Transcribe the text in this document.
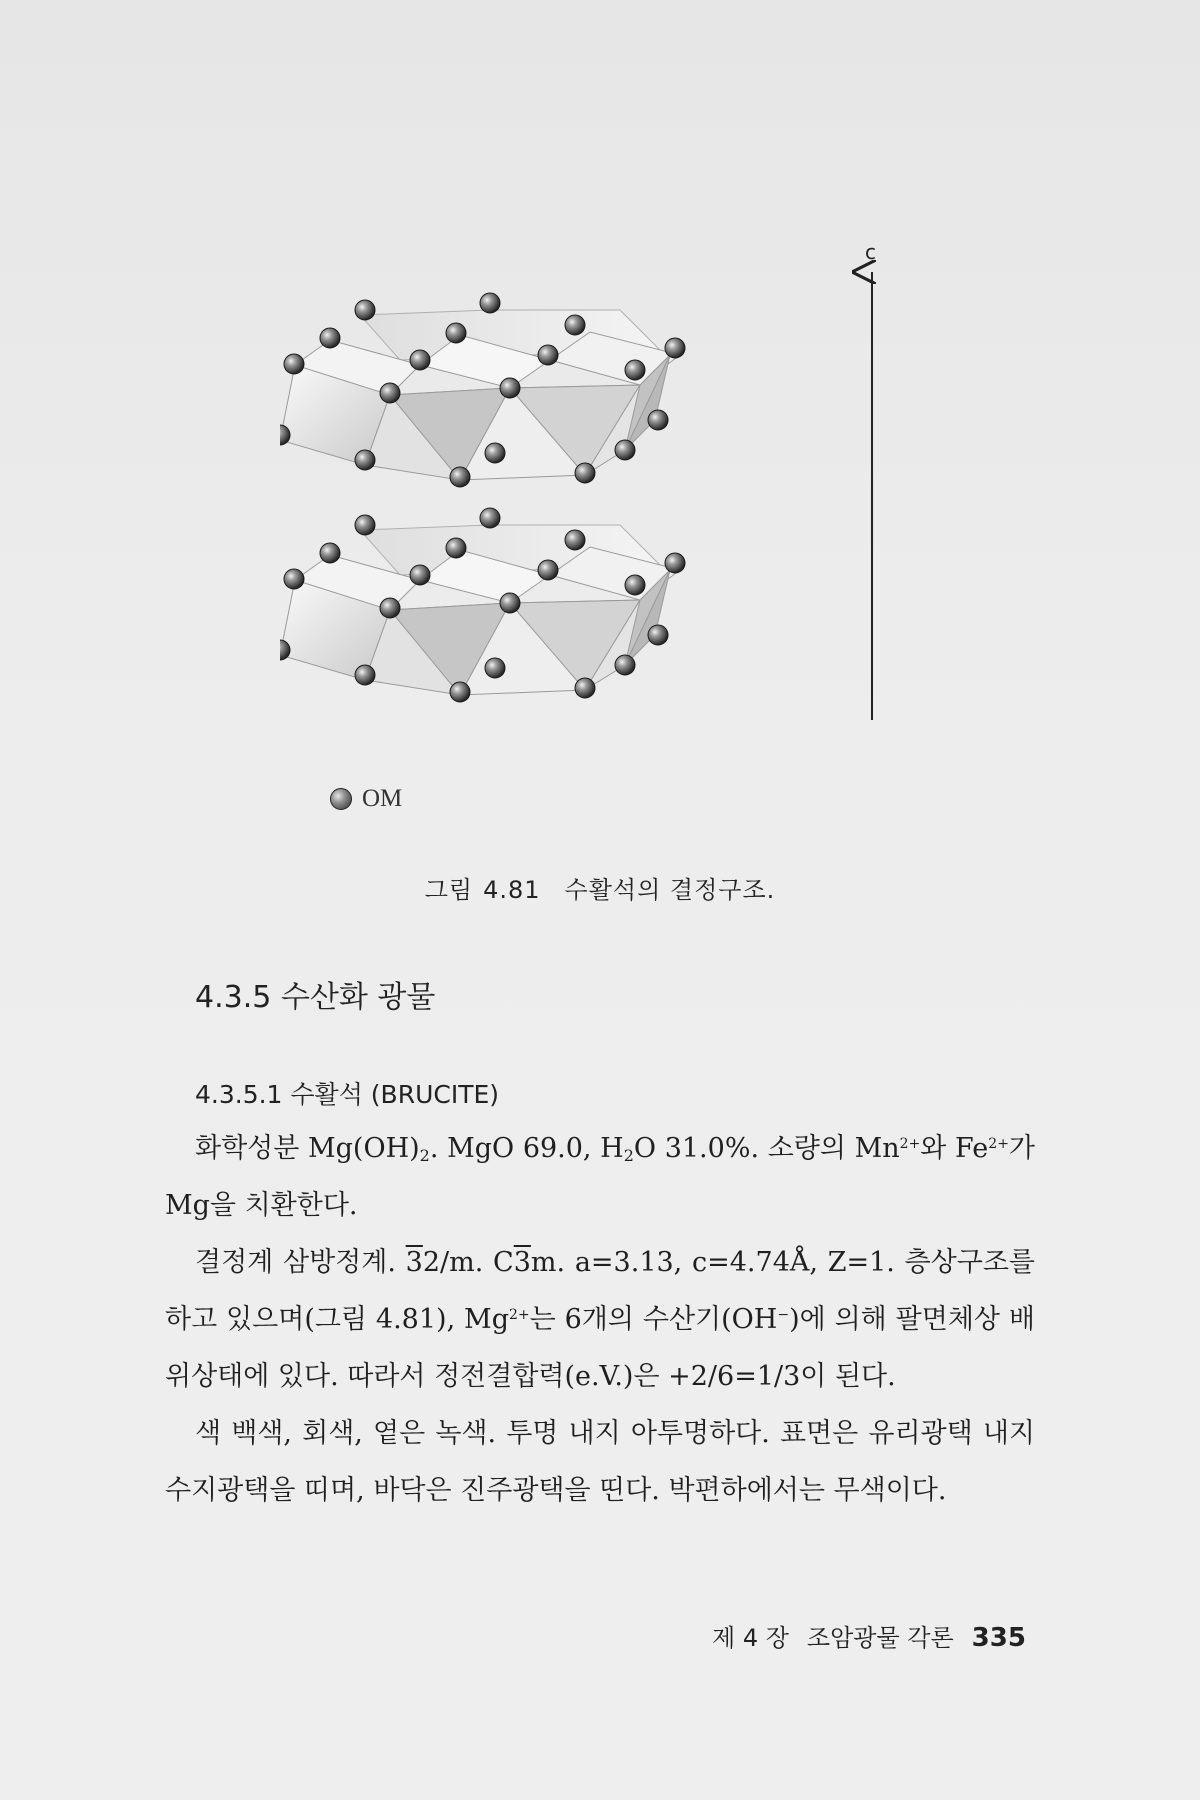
c
OM
그림 4.81 수활석의 결정구조.
4.3.5 수산화 광물
4.3.5.1 수활석 (BRUCITE)

화학성분 $Mg(OH)_2$. MgO 69.0, $H_2O$ 31.0%. 소량의 $Mn^{2+}$와 $Fe^{2+}$가 Mg을 치환한다.

결정계 삼방정계. 32/m. C3m. a=3.13, c=4.74Å, Z=1. 층상구조를 하고 있으며(그림 4.81), $Mg^{2+}$는 6개의 수산기(OH−)에 의해 팔면체상 배위상태에 있다. 따라서 정전결합력(e.V.)은 +2/6=1/3이 된다.

색 백색, 회색, 옅은 녹색. 투명 내지 아투명하다. 표면은 유리광택 내지 수지광택을 띠며, 바닥은 진주광택을 띤다. 박편하에서는 무색이다.

제 4 장 조암광물 각론 335
